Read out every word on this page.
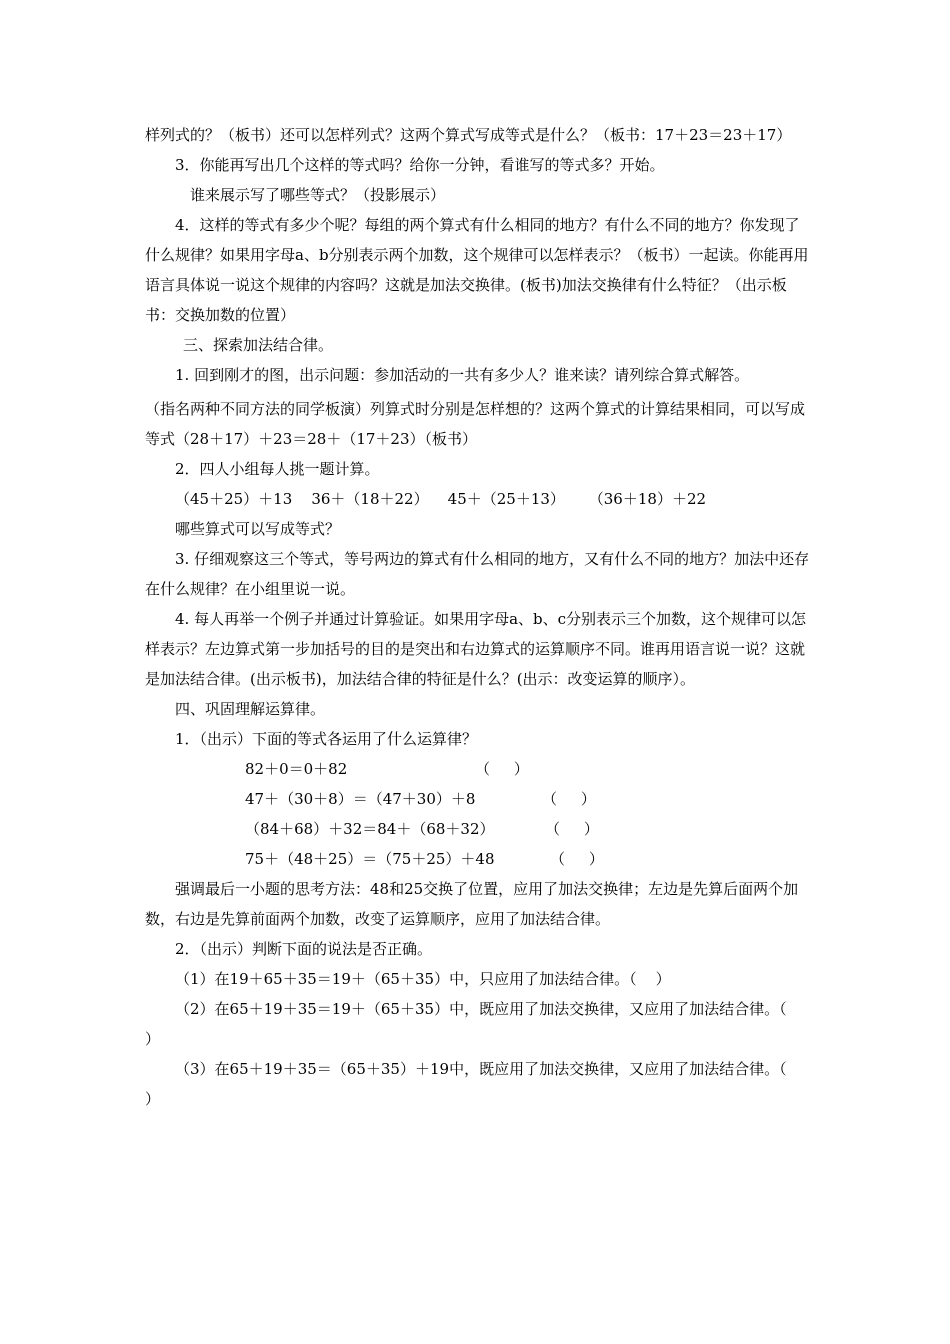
样列式的？（板书）还可以怎样列式？这两个算式写成等式是什么？（板书：17＋23＝23＋17）

3．你能再写出几个这样的等式吗？给你一分钟，看谁写的等式多？开始。

谁来展示写了哪些等式？（投影展示）

4．这样的等式有多少个呢？每组的两个算式有什么相同的地方？有什么不同的地方？你发现了什么规律？如果用字母a、b分别表示两个加数，这个规律可以怎样表示？（板书）一起读。你能再用语言具体说一说这个规律的内容吗？这就是加法交换律。(板书)加法交换律有什么特征？（出示板书：交换加数的位置）

三、探索加法结合律。

1. 回到刚才的图，出示问题：参加活动的一共有多少人？谁来读？请列综合算式解答。

（指名两种不同方法的同学板演）列算式时分别是怎样想的？这两个算式的计算结果相同，可以写成等式（28＋17）＋23＝28＋（17＋23）（板书）

2．四人小组每人挑一题计算。

（45＋25）＋13    36＋（18＋22）    45＋（25＋13）     （36＋18）＋22

哪些算式可以写成等式？

3. 仔细观察这三个等式，等号两边的算式有什么相同的地方，又有什么不同的地方？加法中还存在什么规律？在小组里说一说。

4. 每人再举一个例子并通过计算验证。如果用字母a、b、c分别表示三个加数，这个规律可以怎样表示？左边算式第一步加括号的目的是突出和右边算式的运算顺序不同。谁再用语言说一说？这就是加法结合律。(出示板书)，加法结合律的特征是什么？(出示：改变运算的顺序）。

四、巩固理解运算律。

1．（出示）下面的等式各运用了什么运算律？

82＋0＝0＋82	（     ）
47＋（30＋8）＝（47＋30）＋8	（     ）
（84＋68）＋32＝84＋（68＋32）	（     ）
75＋（48＋25）＝（75＋25）＋48	（     ）

强调最后一小题的思考方法：48和25交换了位置，应用了加法交换律；左边是先算后面两个加数，右边是先算前面两个加数，改变了运算顺序，应用了加法结合律。

2．（出示）判断下面的说法是否正确。

（1）在19＋65＋35＝19＋（65＋35）中，只应用了加法结合律。（    ）

（2）在65＋19＋35＝19＋（65＋35）中，既应用了加法交换律，又应用了加法结合律。（    ）

（3）在65＋19＋35＝（65＋35）＋19中，既应用了加法交换律，又应用了加法结合律。（    ）
